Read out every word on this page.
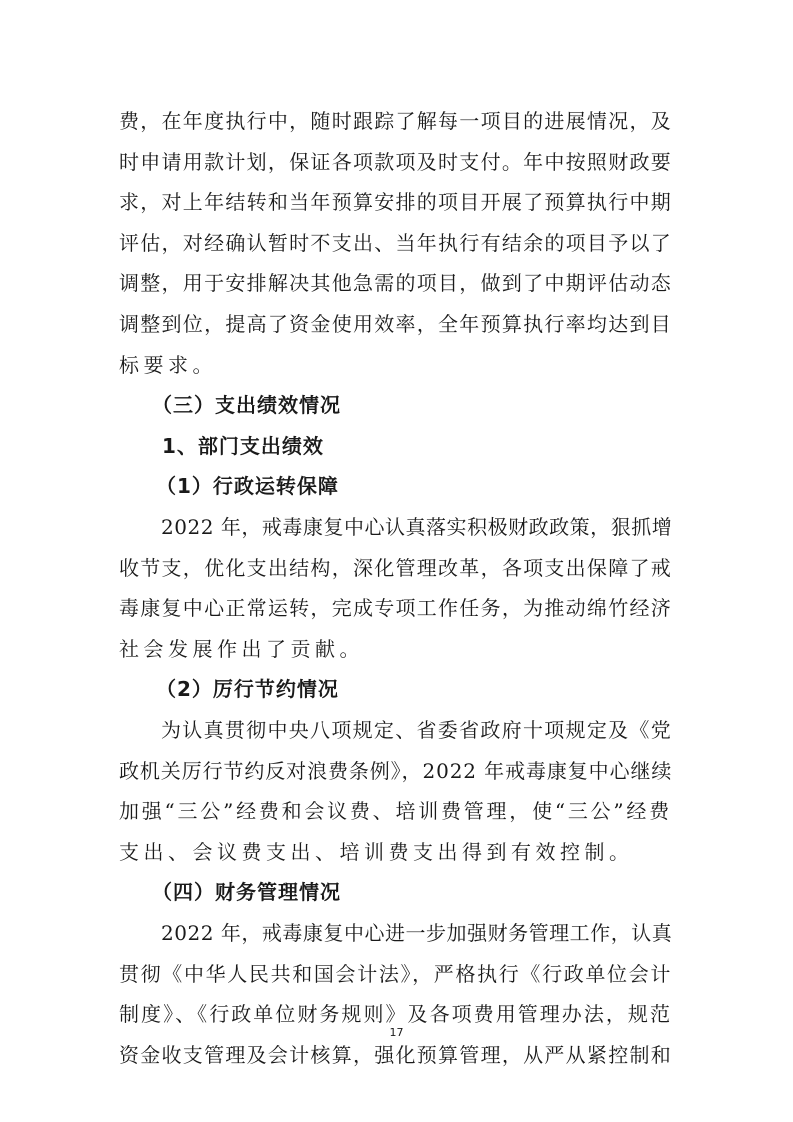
费，在年度执行中，随时跟踪了解每一项目的进展情况，及
时申请用款计划，保证各项款项及时支付。年中按照财政要
求，对上年结转和当年预算安排的项目开展了预算执行中期
评估，对经确认暂时不支出、当年执行有结余的项目予以了
调整，用于安排解决其他急需的项目，做到了中期评估动态
调整到位，提高了资金使用效率，全年预算执行率均达到目
标要求。
（三）支出绩效情况
1、部门支出绩效
（1）行政运转保障
2022 年，戒毒康复中心认真落实积极财政政策，狠抓增
收节支，优化支出结构，深化管理改革，各项支出保障了戒
毒康复中心正常运转，完成专项工作任务，为推动绵竹经济
社会发展作出了贡献。
（2）厉行节约情况
为认真贯彻中央八项规定、省委省政府十项规定及《党
政机关厉行节约反对浪费条例》，2022 年戒毒康复中心继续
加强“三公”经费和会议费、培训费管理，使“三公”经费
支出、会议费支出、培训费支出得到有效控制。
（四）财务管理情况
2022 年，戒毒康复中心进一步加强财务管理工作，认真
贯彻《中华人民共和国会计法》，严格执行《行政单位会计
17
制度》、《行政单位财务规则》及各项费用管理办法，规范
资金收支管理及会计核算，强化预算管理，从严从紧控制和
